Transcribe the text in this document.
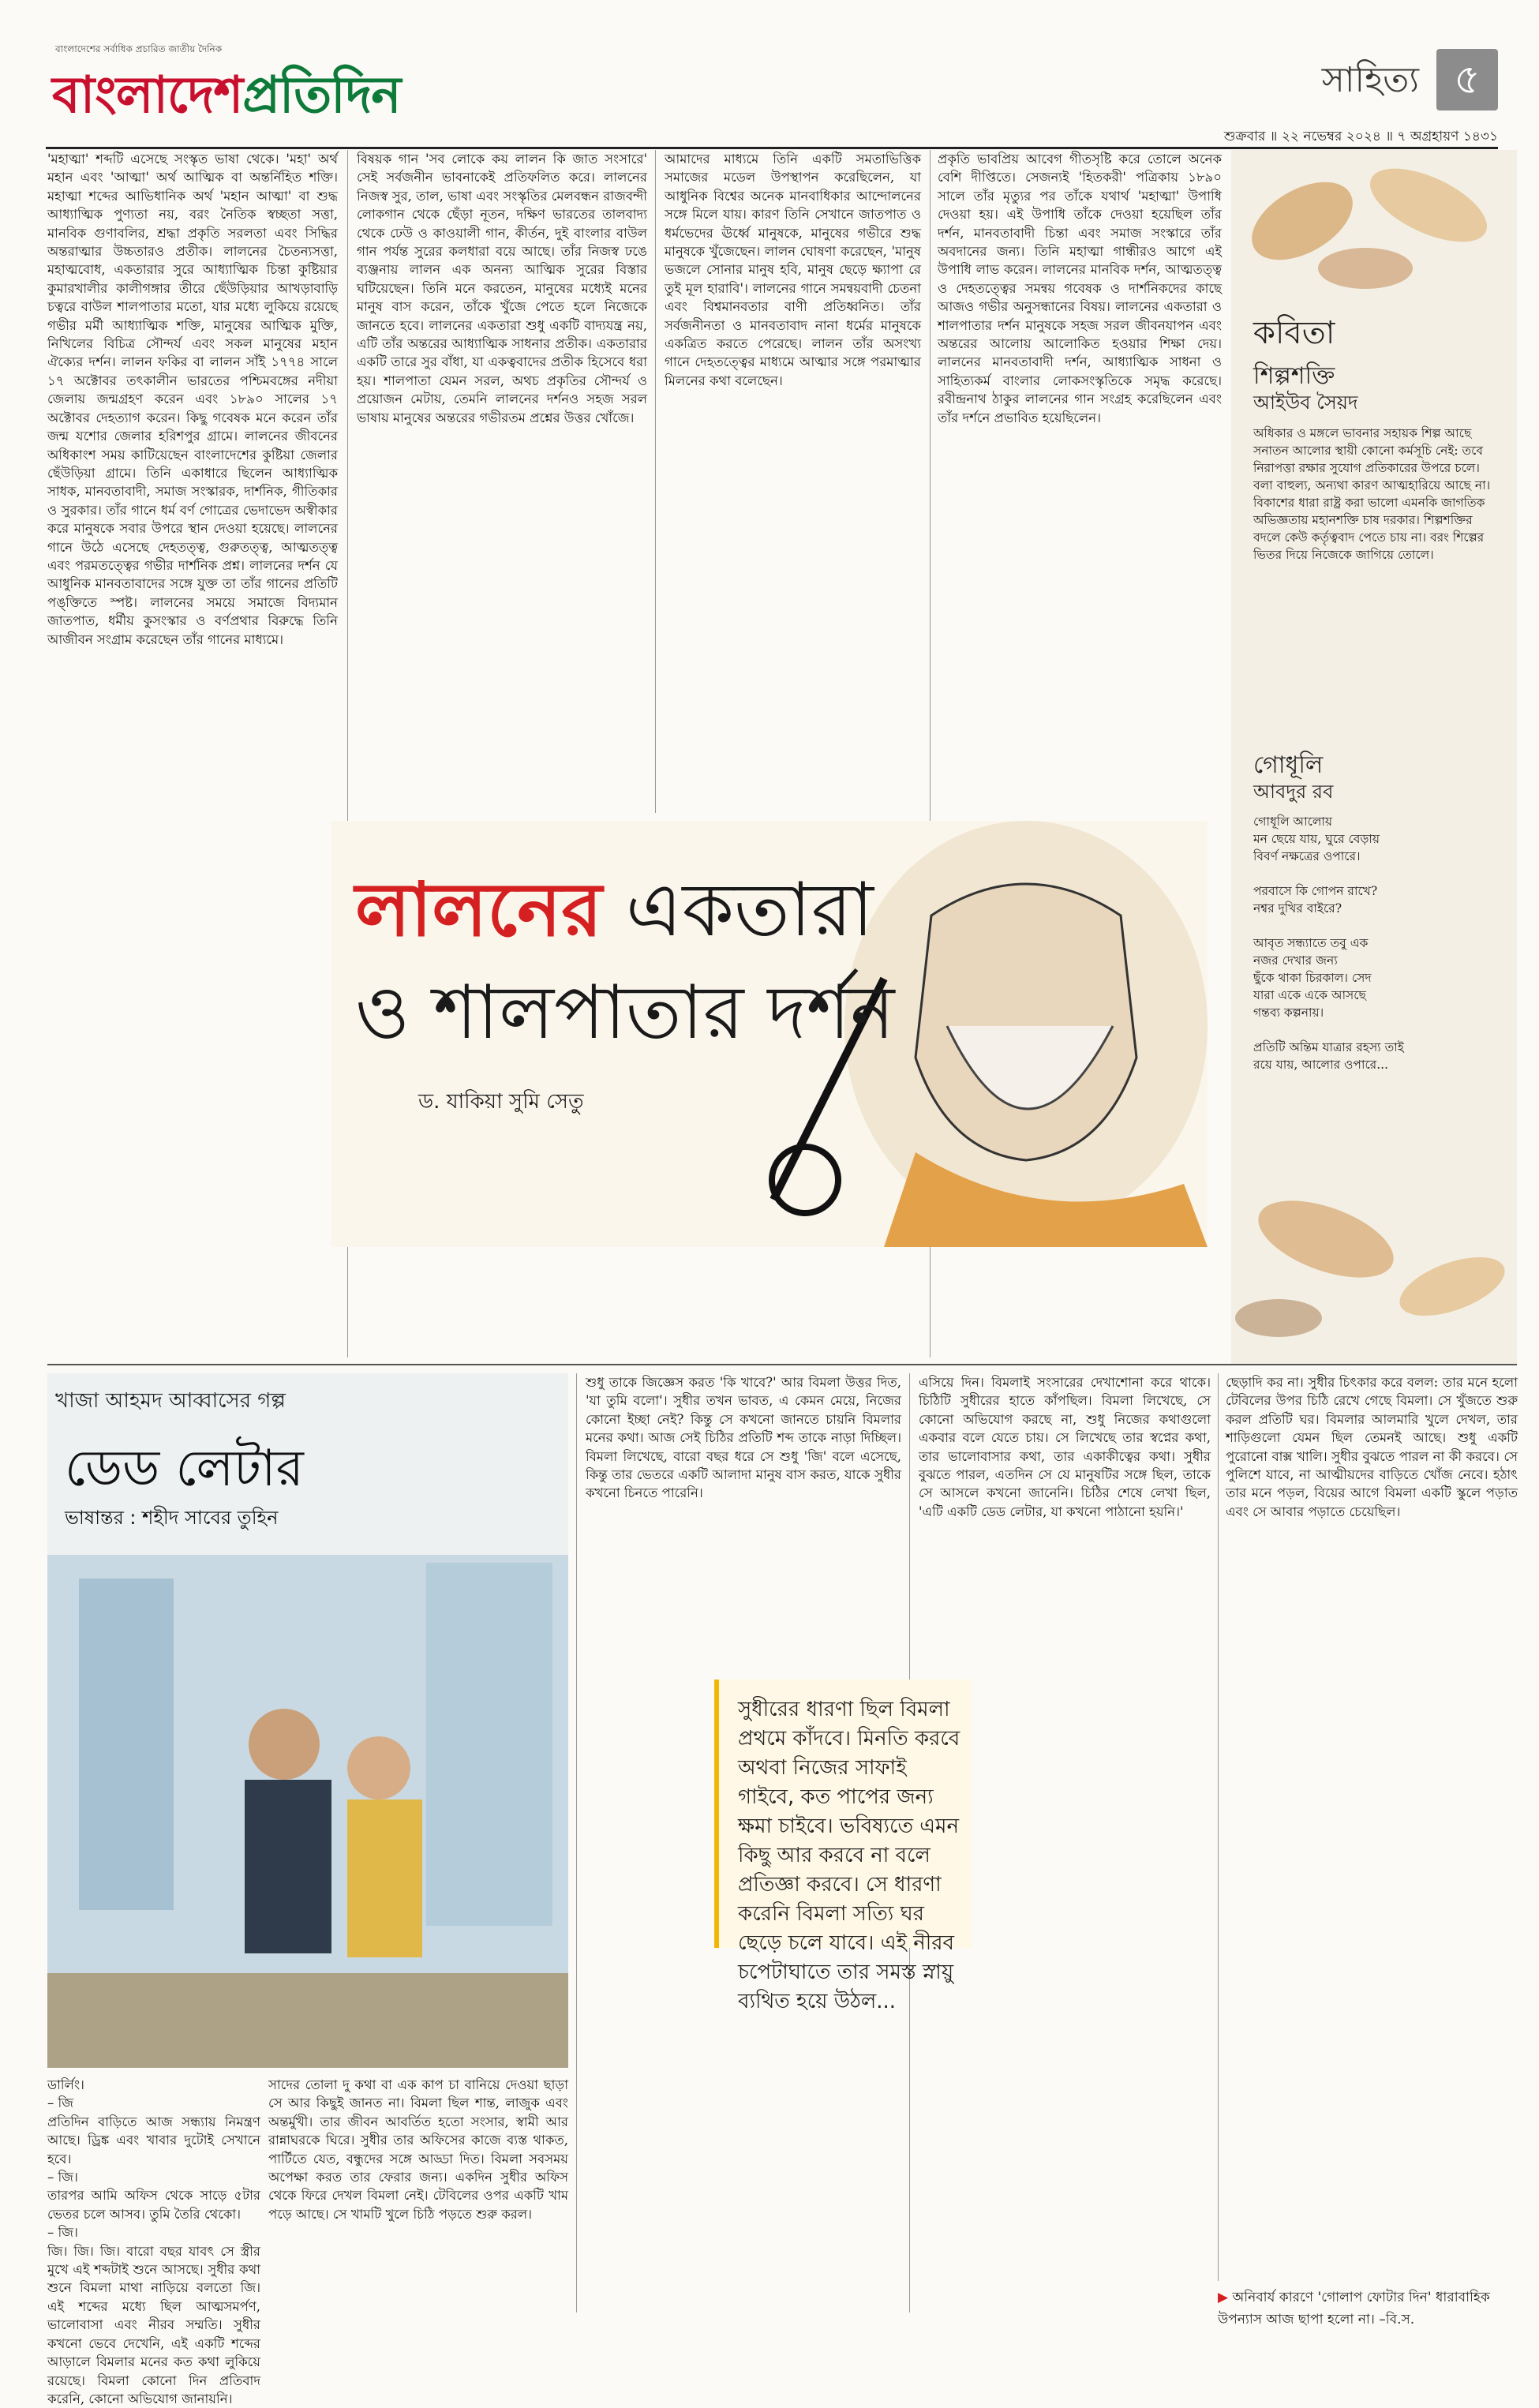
বাংলাদেশের সর্বাধিক প্রচারিত জাতীয় দৈনিক
বাংলাদেশপ্রতিদিন	সাহিত্য ৫
শুক্রবার ॥ ২২ নভেম্বর ২০২৪ ॥ ৭ অগ্রহায়ণ ১৪৩১
'মহাত্মা' শব্দটি এসেছে সংস্কৃত ভাষা থেকে। 'মহা' অর্থ মহান এবং 'আত্মা' অর্থ আত্মিক বা অন্তর্নিহিত শক্তি। মহাত্মা শব্দের আভিধানিক অর্থ 'মহান আত্মা' বা শুদ্ধ আধ্যাত্মিক পুণ্যতা নয়, বরং নৈতিক স্বচ্ছতা সত্তা, মানবিক গুণাবলির, শ্রদ্ধা প্রকৃতি সরলতা এবং সিদ্ধির অন্তরাত্মার উচ্চতারও প্রতীক। লালনের চৈতন্যসত্তা, মহাত্মবোধ, একতারার সুরে আধ্যাত্মিক চিন্তা কুষ্টিয়ার কুমারখালীর কালীগঙ্গার তীরে ছেঁউড়িয়ার আখড়াবাড়ি চত্বরে বাউল শালপাতার মতো, যার মধ্যে লুকিয়ে রয়েছে গভীর মর্মী আধ্যাত্মিক শক্তি, মানুষের আত্মিক মুক্তি, নিখিলের বিচিত্র সৌন্দর্য এবং সকল মানুষের মহান ঐক্যের দর্শন। লালন ফকির বা লালন সাঁই ১৭৭৪ সালে ১৭ অক্টোবর তৎকালীন ভারতের পশ্চিমবঙ্গের নদীয়া জেলায় জন্মগ্রহণ করেন এবং ১৮৯০ সালের ১৭ অক্টোবর দেহত্যাগ করেন। কিছু গবেষক মনে করেন তাঁর জন্ম যশোর জেলার হরিশপুর গ্রামে। লালনের জীবনের অধিকাংশ সময় কাটিয়েছেন বাংলাদেশের কুষ্টিয়া জেলার ছেঁউড়িয়া গ্রামে। তিনি একাধারে ছিলেন আধ্যাত্মিক সাধক, মানবতাবাদী, সমাজ সংস্কারক, দার্শনিক, গীতিকার ও সুরকার। তাঁর গানে ধর্ম বর্ণ গোত্রের ভেদাভেদ অস্বীকার করে মানুষকে সবার উপরে স্থান দেওয়া হয়েছে। লালনের গানে উঠে এসেছে দেহতত্ত্ব, গুরুতত্ত্ব, আত্মতত্ত্ব এবং পরমতত্ত্বের গভীর দার্শনিক প্রশ্ন। লালনের দর্শন যে আধুনিক মানবতাবাদের সঙ্গে যুক্ত তা তাঁর গানের প্রতিটি পঙ্‌ক্তিতে স্পষ্ট। লালনের সময়ে সমাজে বিদ্যমান জাতপাত, ধর্মীয় কুসংস্কার ও বর্ণপ্রথার বিরুদ্ধে তিনি আজীবন সংগ্রাম করেছেন তাঁর গানের মাধ্যমে।
বিষয়ক গান 'সব লোকে কয় লালন কি জাত সংসারে' সেই সর্বজনীন ভাবনাকেই প্রতিফলিত করে। লালনের নিজস্ব সুর, তাল, ভাষা এবং সংস্কৃতির মেলবন্ধন রাজবন্দী লোকগান থেকে ছেঁড়া নূতন, দক্ষিণ ভারতের তালবাদ্য থেকে ঢেউ ও কাওয়ালী গান, কীর্তন, দুই বাংলার বাউল গান পর্যন্ত সুরের কলধারা বয়ে আছে। তাঁর নিজস্ব ঢঙে ব্যঞ্জনায় লালন এক অনন্য আত্মিক সুরের বিস্তার ঘটিয়েছেন। তিনি মনে করতেন, মানুষের মধ্যেই মনের মানুষ বাস করেন, তাঁকে খুঁজে পেতে হলে নিজেকে জানতে হবে। লালনের একতারা শুধু একটি বাদ্যযন্ত্র নয়, এটি তাঁর অন্তরের আধ্যাত্মিক সাধনার প্রতীক। একতারার একটি তারে সুর বাঁধা, যা একত্ববাদের প্রতীক হিসেবে ধরা হয়। শালপাতা যেমন সরল, অথচ প্রকৃতির সৌন্দর্য ও প্রয়োজন মেটায়, তেমনি লালনের দর্শনও সহজ সরল ভাষায় মানুষের অন্তরের গভীরতম প্রশ্নের উত্তর খোঁজে।
আমাদের মাধ্যমে তিনি একটি সমতাভিত্তিক সমাজের মডেল উপস্থাপন করেছিলেন, যা আধুনিক বিশ্বের অনেক মানবাধিকার আন্দোলনের সঙ্গে মিলে যায়। কারণ তিনি সেখানে জাতপাত ও ধর্মভেদের ঊর্ধ্বে মানুষকে, মানুষের গভীরে শুদ্ধ মানুষকে খুঁজেছেন। লালন ঘোষণা করেছেন, 'মানুষ ভজলে সোনার মানুষ হবি, মানুষ ছেড়ে ক্ষ্যাপা রে তুই মূল হারাবি'। লালনের গানে সমন্বয়বাদী চেতনা এবং বিশ্বমানবতার বাণী প্রতিধ্বনিত। তাঁর সর্বজনীনতা ও মানবতাবাদ নানা ধর্মের মানুষকে একত্রিত করতে পেরেছে। লালন তাঁর অসংখ্য গানে দেহতত্ত্বের মাধ্যমে আত্মার সঙ্গে পরমাত্মার মিলনের কথা বলেছেন।
প্রকৃতি ভাবপ্রিয় আবেগ গীতসৃষ্টি করে তোলে অনেক বেশি দীপ্তিতে। সেজন্যই 'হিতকরী' পত্রিকায় ১৮৯০ সালে তাঁর মৃত্যুর পর তাঁকে যথার্থ 'মহাত্মা' উপাধি দেওয়া হয়। এই উপাধি তাঁকে দেওয়া হয়েছিল তাঁর দর্শন, মানবতাবাদী চিন্তা এবং সমাজ সংস্কারে তাঁর অবদানের জন্য। তিনি মহাত্মা গান্ধীরও আগে এই উপাধি লাভ করেন। লালনের মানবিক দর্শন, আত্মতত্ত্ব ও দেহতত্ত্বের সমন্বয় গবেষক ও দার্শনিকদের কাছে আজও গভীর অনুসন্ধানের বিষয়। লালনের একতারা ও শালপাতার দর্শন মানুষকে সহজ সরল জীবনযাপন এবং অন্তরের আলোয় আলোকিত হওয়ার শিক্ষা দেয়। লালনের মানবতাবাদী দর্শন, আধ্যাত্মিক সাধনা ও সাহিত্যকর্ম বাংলার লোকসংস্কৃতিকে সমৃদ্ধ করেছে। রবীন্দ্রনাথ ঠাকুর লালনের গান সংগ্রহ করেছিলেন এবং তাঁর দর্শনে প্রভাবিত হয়েছিলেন।
লালনের একতারা
ও শালপাতার দর্শন
ড. যাকিয়া সুমি সেতু
কবিতা
শিল্পশক্তি
আইউব সৈয়দ
অধিকার ও মঙ্গলে ভাবনার সহায়ক শিল্প আছে সনাতন আলোর স্থায়ী কোনো কর্মসূচি নেই: তবে নিরাপত্তা রক্ষার সুযোগ প্রতিকারের উপরে চলে। বলা বাহুল্য, অন্যথা কারণ আত্মহারিয়ে আছে না। বিকাশের ধারা রাষ্ট্র করা ভালো এমনকি জাগতিক অভিজ্ঞতায় মহানশক্তি চাষ দরকার। শিল্পশক্তির বদলে কেউ কর্তৃত্ববাদ পেতে চায় না। বরং শিল্পের ভিতর দিয়ে নিজেকে জাগিয়ে তোলে।
গোধূলি
আবদুর রব
গোধূলি আলোয়
মন ছেয়ে যায়, ঘুরে বেড়ায়
বিবর্ণ নক্ষত্রের ওপারে।

পরবাসে কি গোপন রাখে?
নশ্বর দুখির বাইরে?

আবৃত সন্ধ্যাতে তবু এক
নজর দেখার জন্য
ছুঁকে থাকা চিরকাল। সেদ
যারা একে একে আসছে
গন্তব্য কল্পনায়।

প্রতিটি অন্তিম যাত্রার রহস্য তাই
রয়ে যায়, আলোর ওপারে...
খাজা আহমদ আব্বাসের গল্প
ডেড লেটার
ভাষান্তর : শহীদ সাবের তুহিন
ডার্লিং।
– জি
প্রতিদিন বাড়িতে আজ সন্ধ্যায় নিমন্ত্রণ আছে। ড্রিঙ্ক এবং খাবার দুটোই সেখানে হবে।
– জি।
তারপর আমি অফিস থেকে সাড়ে ৫টার ভেতর চলে আসব। তুমি তৈরি থেকো।
– জি।
জি। জি। জি। বারো বছর যাবৎ সে স্ত্রীর মুখে এই শব্দটাই শুনে আসছে। সুধীর কথা শুনে বিমলা মাথা নাড়িয়ে বলতো জি। এই শব্দের মধ্যে ছিল আত্মসমর্পণ, ভালোবাসা এবং নীরব সম্মতি। সুধীর কখনো ভেবে দেখেনি, এই একটি শব্দের আড়ালে বিমলার মনের কত কথা লুকিয়ে রয়েছে। বিমলা কোনো দিন প্রতিবাদ করেনি, কোনো অভিযোগ জানায়নি।
সাদের তোলা দু কথা বা এক কাপ চা বানিয়ে দেওয়া ছাড়া সে আর কিছুই জানত না। বিমলা ছিল শান্ত, লাজুক এবং অন্তর্মুখী। তার জীবন আবর্তিত হতো সংসার, স্বামী আর রান্নাঘরকে ঘিরে। সুধীর তার অফিসের কাজে ব্যস্ত থাকত, পার্টিতে যেত, বন্ধুদের সঙ্গে আড্ডা দিত। বিমলা সবসময় অপেক্ষা করত তার ফেরার জন্য। একদিন সুধীর অফিস থেকে ফিরে দেখল বিমলা নেই। টেবিলের ওপর একটি খাম পড়ে আছে। সে খামটি খুলে চিঠি পড়তে শুরু করল।
শুধু তাকে জিজ্ঞেস করত 'কি খাবে?' আর বিমলা উত্তর দিত, 'যা তুমি বলো'। সুধীর তখন ভাবত, এ কেমন মেয়ে, নিজের কোনো ইচ্ছা নেই? কিন্তু সে কখনো জানতে চায়নি বিমলার মনের কথা। আজ সেই চিঠির প্রতিটি শব্দ তাকে নাড়া দিচ্ছিল। বিমলা লিখেছে, বারো বছর ধরে সে শুধু 'জি' বলে এসেছে, কিন্তু তার ভেতরে একটি আলাদা মানুষ বাস করত, যাকে সুধীর কখনো চিনতে পারেনি।
এসিয়ে দিন। বিমলাই সংসারের দেখাশোনা করে থাকে। চিঠিটি সুধীরের হাতে কাঁপছিল। বিমলা লিখেছে, সে কোনো অভিযোগ করছে না, শুধু নিজের কথাগুলো একবার বলে যেতে চায়। সে লিখেছে তার স্বপ্নের কথা, তার ভালোবাসার কথা, তার একাকীত্বের কথা। সুধীর বুঝতে পারল, এতদিন সে যে মানুষটির সঙ্গে ছিল, তাকে সে আসলে কখনো জানেনি। চিঠির শেষে লেখা ছিল, 'এটি একটি ডেড লেটার, যা কখনো পাঠানো হয়নি।'
ছেড়াদি কর না। সুধীর চিৎকার করে বলল: তার মনে হলো টেবিলের উপর চিঠি রেখে গেছে বিমলা। সে খুঁজতে শুরু করল প্রতিটি ঘর। বিমলার আলমারি খুলে দেখল, তার শাড়িগুলো যেমন ছিল তেমনই আছে। শুধু একটি পুরোনো বাক্স খালি। সুধীর বুঝতে পারল না কী করবে। সে পুলিশে যাবে, না আত্মীয়দের বাড়িতে খোঁজ নেবে। হঠাৎ তার মনে পড়ল, বিয়ের আগে বিমলা একটি স্কুলে পড়াত এবং সে আবার পড়াতে চেয়েছিল।
সুধীরের ধারণা ছিল বিমলা প্রথমে কাঁদবে। মিনতি করবে অথবা নিজের সাফাই গাইবে, কত পাপের জন্য ক্ষমা চাইবে। ভবিষ্যতে এমন কিছু আর করবে না বলে প্রতিজ্ঞা করবে। সে ধারণা করেনি বিমলা সত্যি ঘর ছেড়ে চলে যাবে। এই নীরব চপেটাঘাতে তার সমস্ত স্নায়ু ব্যথিত হয়ে উঠল...
▶ অনিবার্য কারণে 'গোলাপ ফোটার দিন' ধারাবাহিক উপন্যাস আজ ছাপা হলো না। –বি.স.
